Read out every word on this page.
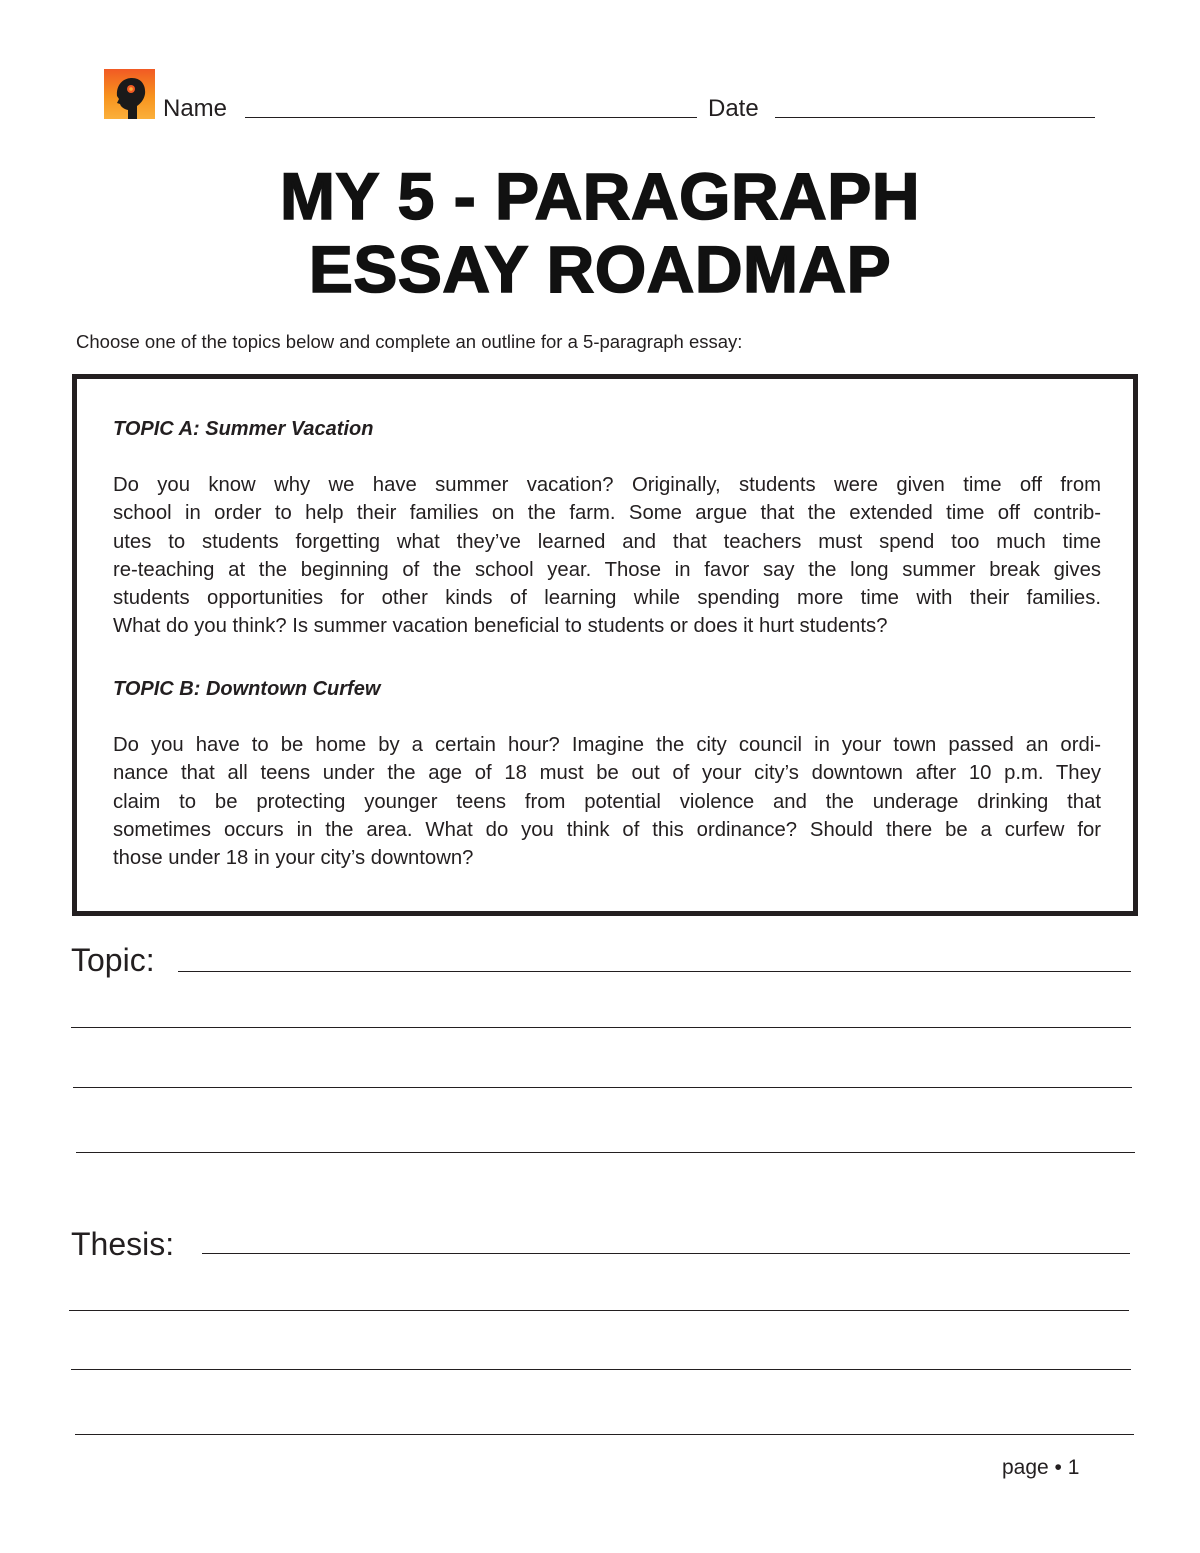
Name	Date
MY 5 - PARAGRAPH
ESSAY ROADMAP
Choose one of the topics below and complete an outline for a 5-paragraph essay:
TOPIC A: Summer Vacation
Do you know why we have summer vacation? Originally, students were given time off from
school in order to help their families on the farm. Some argue that the extended time off contrib-
utes to students forgetting what they’ve learned and that teachers must spend too much time
re-teaching at the beginning of the school year. Those in favor say the long summer break gives
students opportunities for other kinds of learning while spending more time with their families.
What do you think? Is summer vacation beneficial to students or does it hurt students?
TOPIC B: Downtown Curfew
Do you have to be home by a certain hour? Imagine the city council in your town passed an ordi-
nance that all teens under the age of 18 must be out of your city’s downtown after 10 p.m. They
claim to be protecting younger teens from potential violence and the underage drinking that
sometimes occurs in the area. What do you think of this ordinance? Should there be a curfew for
those under 18 in your city’s downtown?
Topic:
Thesis:
page • 1
